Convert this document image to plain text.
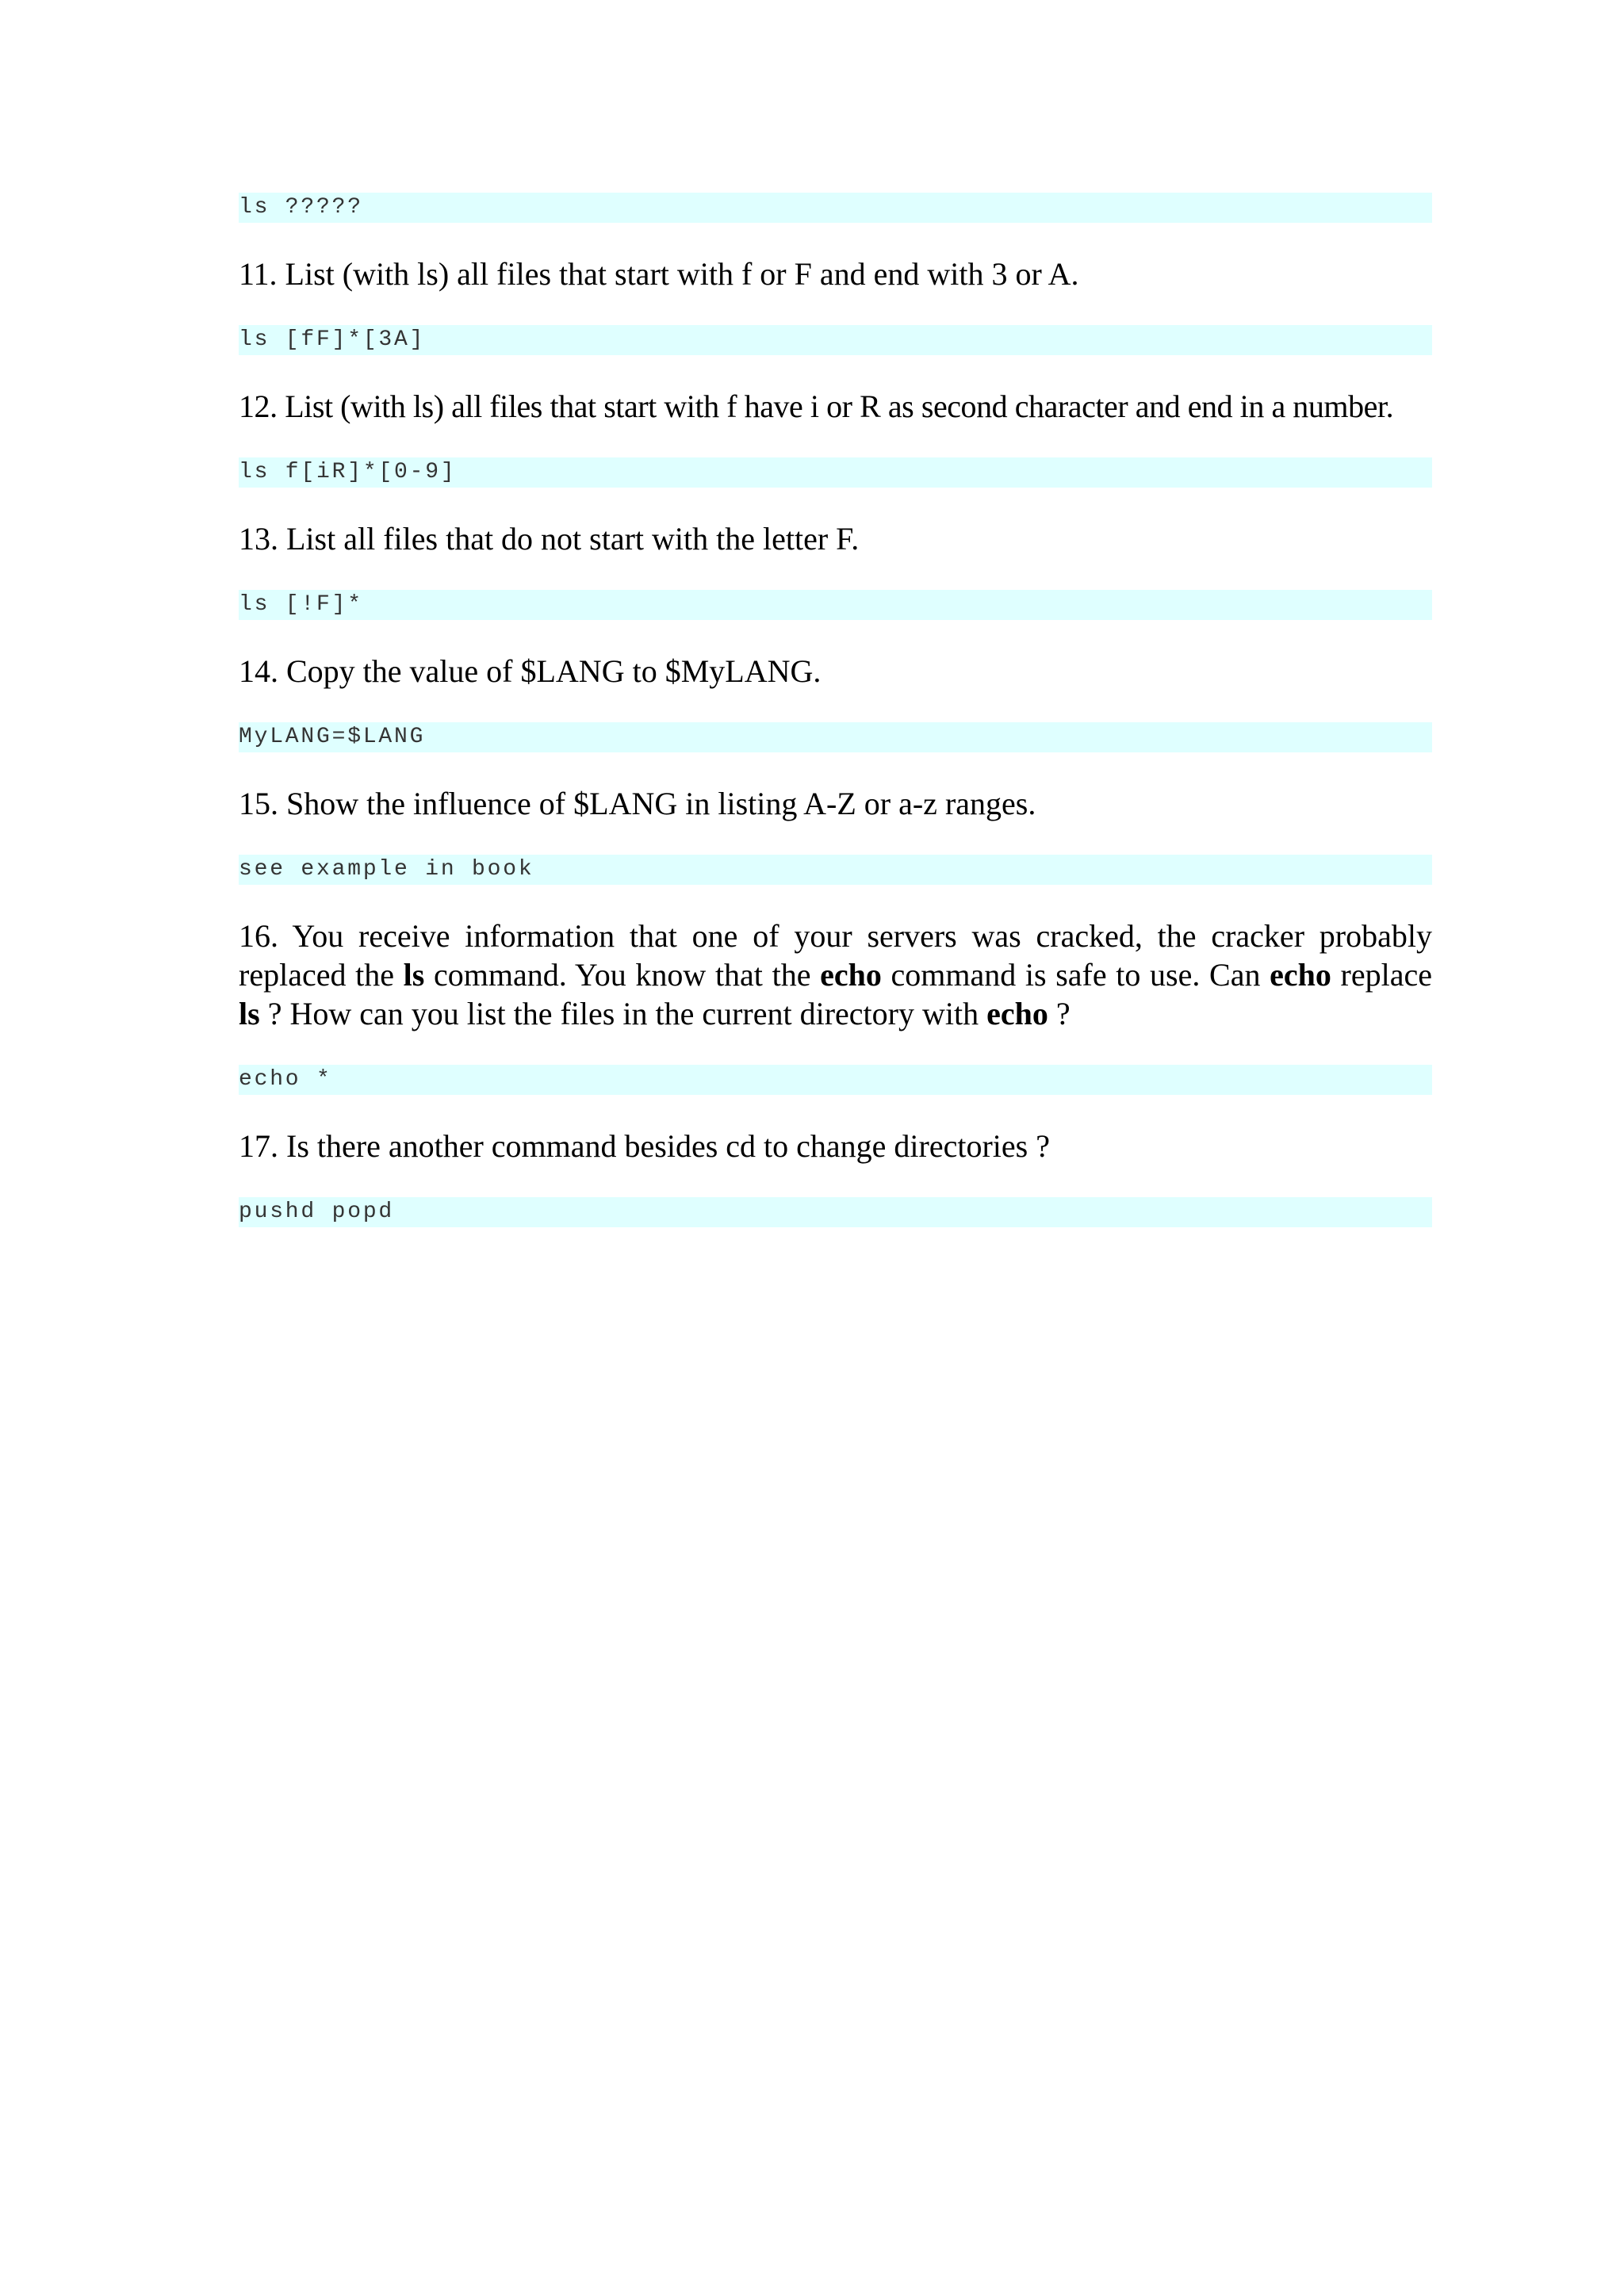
ls ?????

11. List (with ls) all files that start with f or F and end with 3 or A.

ls [fF]*[3A]

12. List (with ls) all files that start with f have i or R as second character and end in a number.

ls f[iR]*[0-9]

13. List all files that do not start with the letter F.

ls [!F]*

14. Copy the value of $LANG to $MyLANG.

MyLANG=$LANG

15. Show the influence of $LANG in listing A-Z or a-z ranges.

see example in book

16. You receive information that one of your servers was cracked, the cracker probably replaced the ls command. You know that the echo command is safe to use. Can echo replace ls ? How can you list the files in the current directory with echo ?

echo *

17. Is there another command besides cd to change directories ?

pushd popd
